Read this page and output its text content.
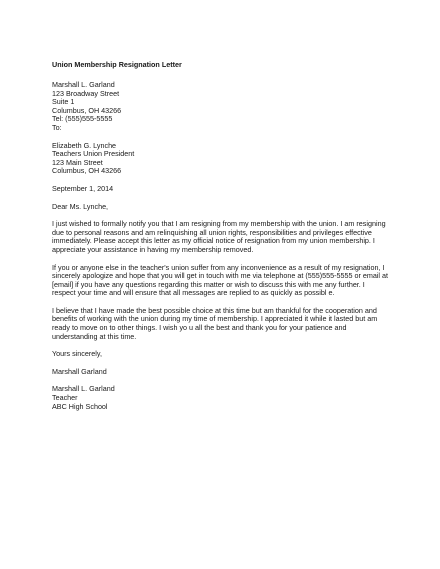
Union Membership Resignation Letter
Marshall L. Garland
123 Broadway Street
Suite 1
Columbus, OH 43266
Tel: (555)555-5555
To:
Elizabeth G. Lynche
Teachers Union President
123 Main Street
Columbus, OH 43266
September 1, 2014
Dear Ms. Lynche,
I just wished to formally notify you that I am resigning from my membership with the union. I am resigning
due to personal reasons and am relinquishing all union rights, responsibilities and privileges effective
immediately. Please accept this letter as my official notice of resignation from my union membership. I
appreciate your assistance in having my membership removed.
If you or anyone else in the teacher's union suffer from any inconvenience as a result of my resignation, I
sincerely apologize and hope that you will get in touch with me via telephone at (555)555-5555 or email at
[email] if you have any questions regarding this matter or wish to discuss this with me any further. I
respect your time and will ensure that all messages are replied to as quickly as possibl e.
I believe that I have made the best possible choice at this time but am thankful for the cooperation and
benefits of working with the union during my time of membership. I appreciated it while it lasted but am
ready to move on to other things. I wish yo u all the best and thank you for your patience and
understanding at this time.
Yours sincerely,
Marshall Garland
Marshall L. Garland
Teacher
ABC High School
